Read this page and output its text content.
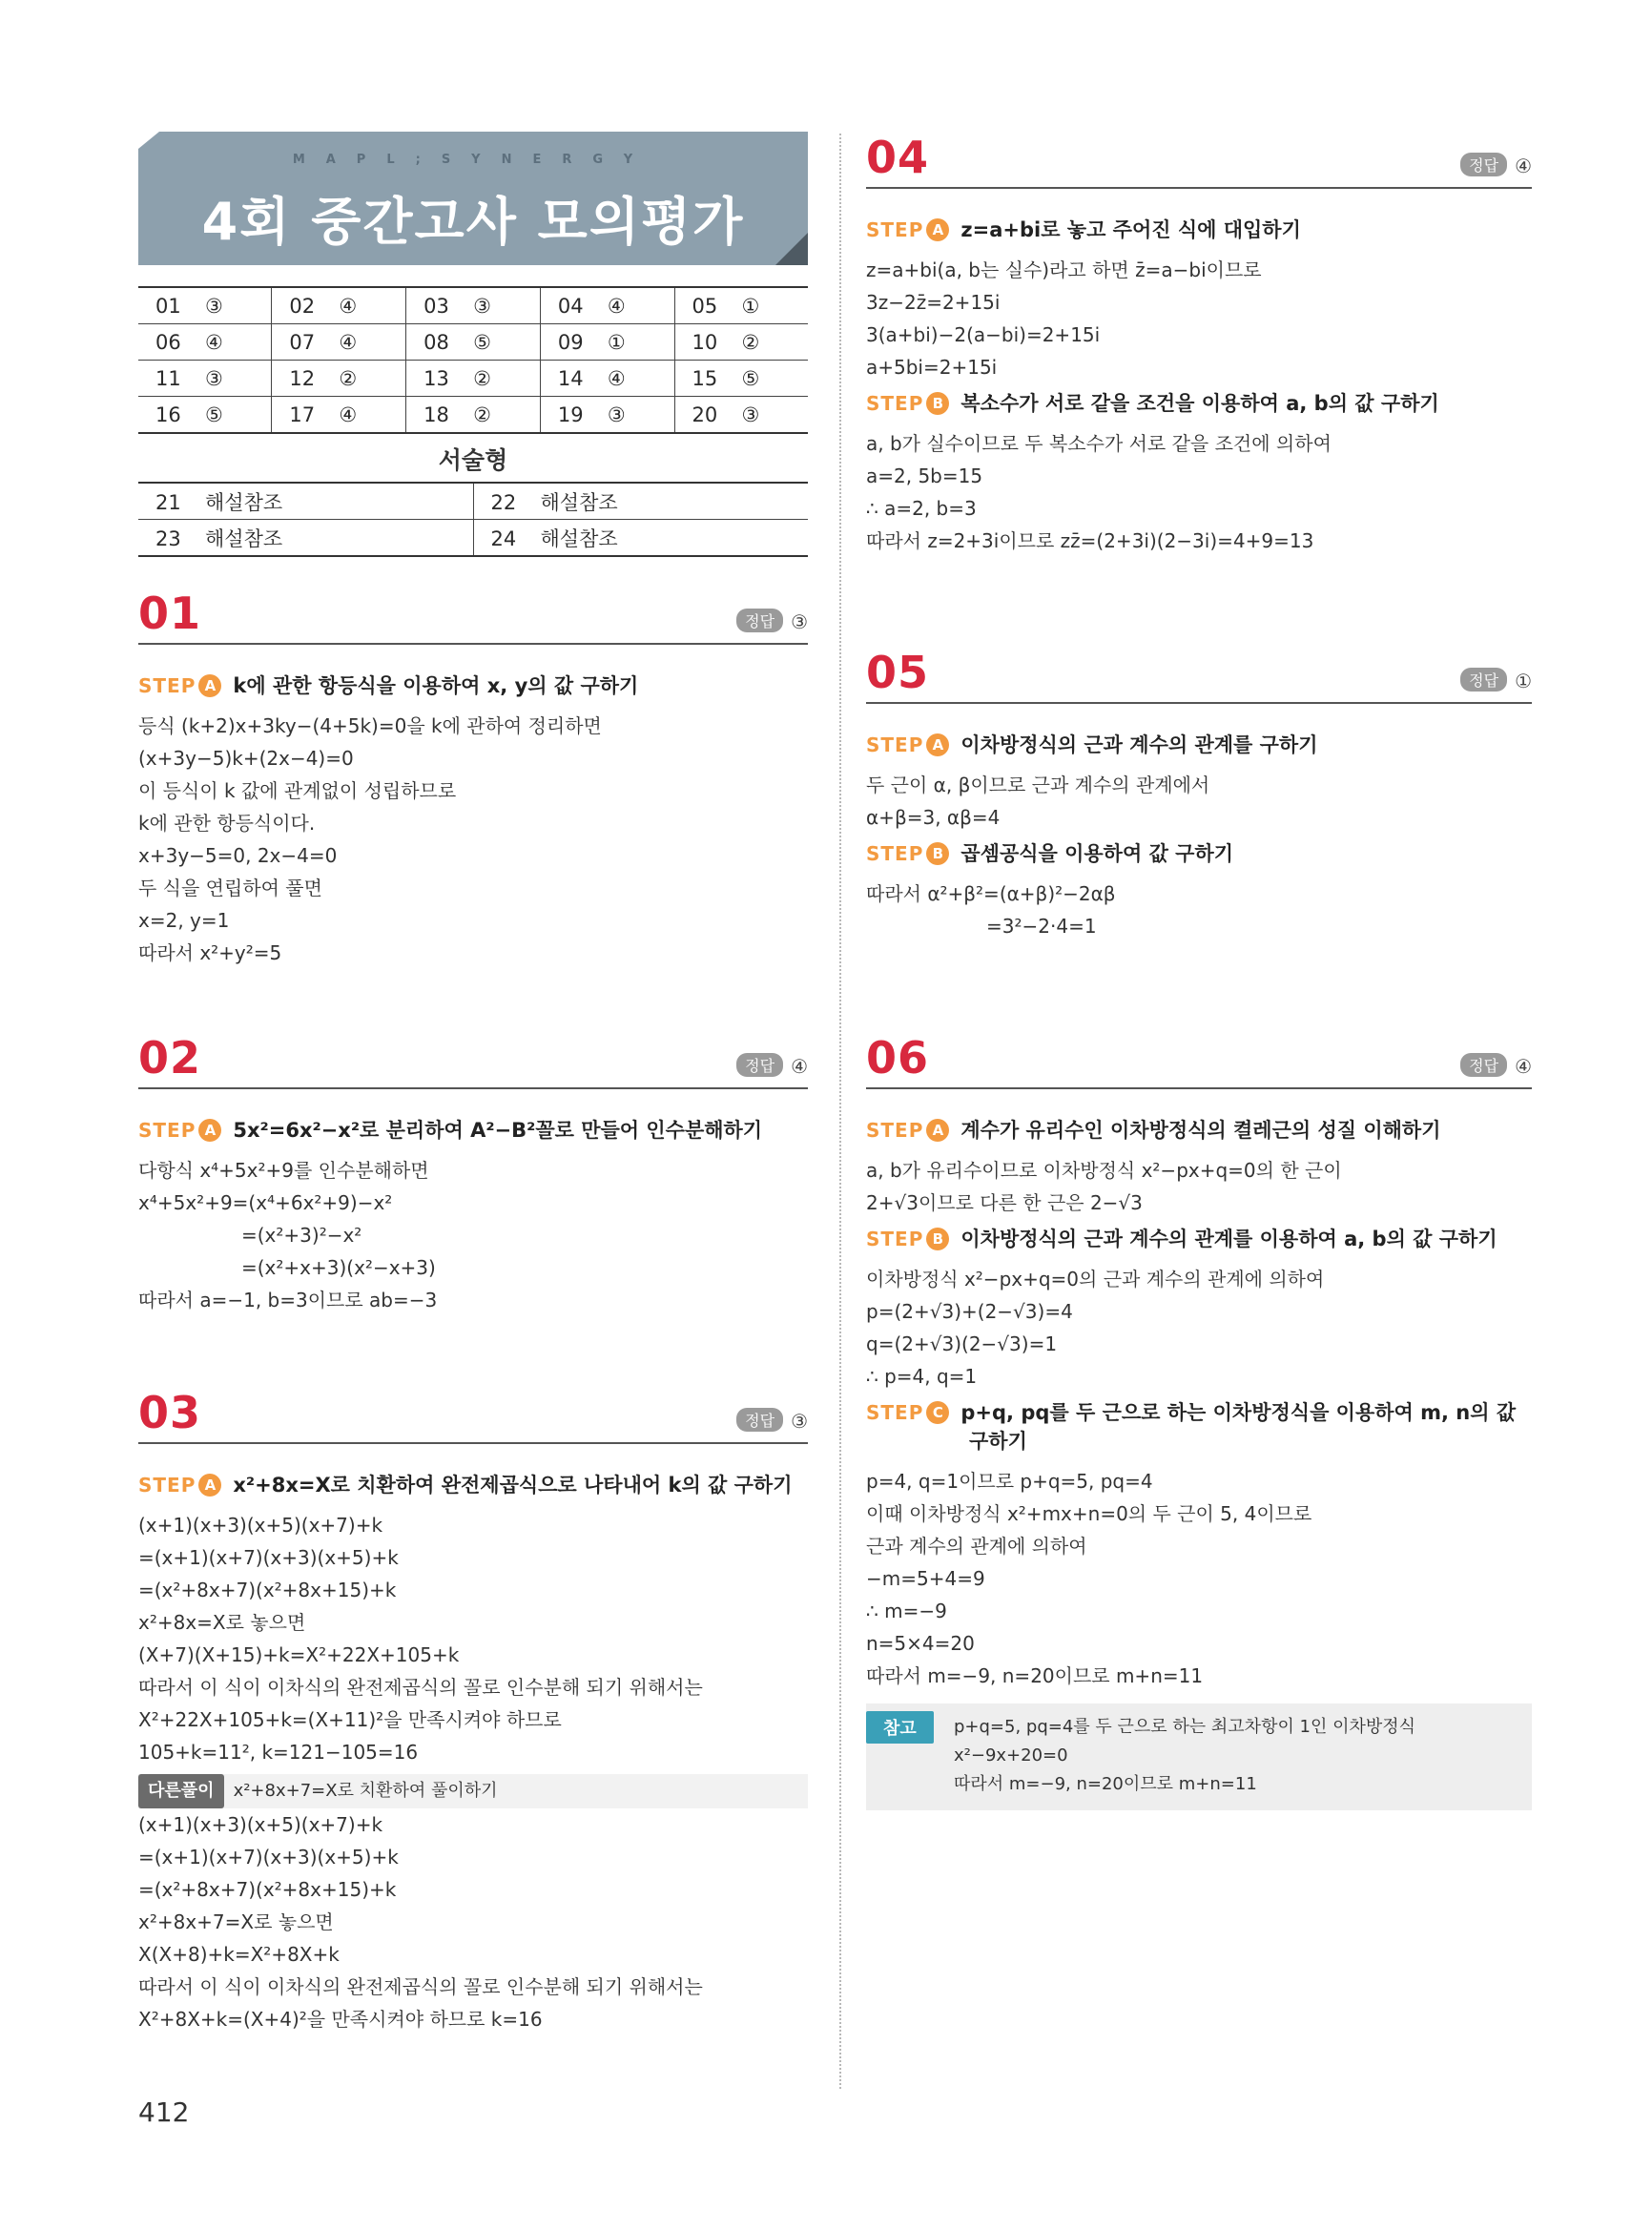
MAPL;SYNERGY
4회 중간고사 모의평가
01 ③	02 ④	03 ③	04 ④	05 ①
06 ④	07 ④	08 ⑤	09 ①	10 ②
11 ③	12 ②	13 ②	14 ④	15 ⑤
16 ⑤	17 ④	18 ②	19 ③	20 ③
서술형
21 해설참조	22 해설참조
23 해설참조	24 해설참조
01	정답 ③
STEP A k에 관한 항등식을 이용하여 x, y의 값 구하기
등식 (k+2)x+3ky−(4+5k)=0을 k에 관하여 정리하면
(x+3y−5)k+(2x−4)=0
이 등식이 k 값에 관계없이 성립하므로
k에 관한 항등식이다.
x+3y−5=0, 2x−4=0
두 식을 연립하여 풀면
x=2, y=1
따라서 x²+y²=5
02	정답 ④
STEP A 5x²=6x²−x²로 분리하여 A²−B²꼴로 만들어 인수분해하기
다항식 x⁴+5x²+9를 인수분해하면
x⁴+5x²+9=(x⁴+6x²+9)−x²
=(x²+3)²−x²
=(x²+x+3)(x²−x+3)
따라서 a=−1, b=3이므로 ab=−3
03	정답 ③
STEP A x²+8x=X로 치환하여 완전제곱식으로 나타내어 k의 값 구하기
(x+1)(x+3)(x+5)(x+7)+k
=(x+1)(x+7)(x+3)(x+5)+k
=(x²+8x+7)(x²+8x+15)+k
x²+8x=X로 놓으면
(X+7)(X+15)+k=X²+22X+105+k
따라서 이 식이 이차식의 완전제곱식의 꼴로 인수분해 되기 위해서는
X²+22X+105+k=(X+11)²을 만족시켜야 하므로
105+k=11², k=121−105=16
다른풀이 x²+8x+7=X로 치환하여 풀이하기
(x+1)(x+3)(x+5)(x+7)+k
=(x+1)(x+7)(x+3)(x+5)+k
=(x²+8x+7)(x²+8x+15)+k
x²+8x+7=X로 놓으면
X(X+8)+k=X²+8X+k
따라서 이 식이 이차식의 완전제곱식의 꼴로 인수분해 되기 위해서는
X²+8X+k=(X+4)²을 만족시켜야 하므로 k=16
04	정답 ④
STEP A z=a+bi로 놓고 주어진 식에 대입하기
z=a+bi(a, b는 실수)라고 하면 z̄=a−bi이므로
3z−2z̄=2+15i
3(a+bi)−2(a−bi)=2+15i
a+5bi=2+15i
STEP B 복소수가 서로 같을 조건을 이용하여 a, b의 값 구하기
a, b가 실수이므로 두 복소수가 서로 같을 조건에 의하여
a=2, 5b=15
∴ a=2, b=3
따라서 z=2+3i이므로 zz̄=(2+3i)(2−3i)=4+9=13
05	정답 ①
STEP A 이차방정식의 근과 계수의 관계를 구하기
두 근이 α, β이므로 근과 계수의 관계에서
α+β=3, αβ=4
STEP B 곱셈공식을 이용하여 값 구하기
따라서 α²+β²=(α+β)²−2αβ
=3²−2·4=1
06	정답 ④
STEP A 계수가 유리수인 이차방정식의 켤레근의 성질 이해하기
a, b가 유리수이므로 이차방정식 x²−px+q=0의 한 근이
2+√3이므로 다른 한 근은 2−√3
STEP B 이차방정식의 근과 계수의 관계를 이용하여 a, b의 값 구하기
이차방정식 x²−px+q=0의 근과 계수의 관계에 의하여
p=(2+√3)+(2−√3)=4
q=(2+√3)(2−√3)=1
∴ p=4, q=1
STEP C p+q, pq를 두 근으로 하는 이차방정식을 이용하여 m, n의 값
구하기
p=4, q=1이므로 p+q=5, pq=4
이때 이차방정식 x²+mx+n=0의 두 근이 5, 4이므로
근과 계수의 관계에 의하여
−m=5+4=9
∴ m=−9
n=5×4=20
따라서 m=−9, n=20이므로 m+n=11
참고	p+q=5, pq=4를 두 근으로 하는 최고차항이 1인 이차방정식
x²−9x+20=0
따라서 m=−9, n=20이므로 m+n=11
412
